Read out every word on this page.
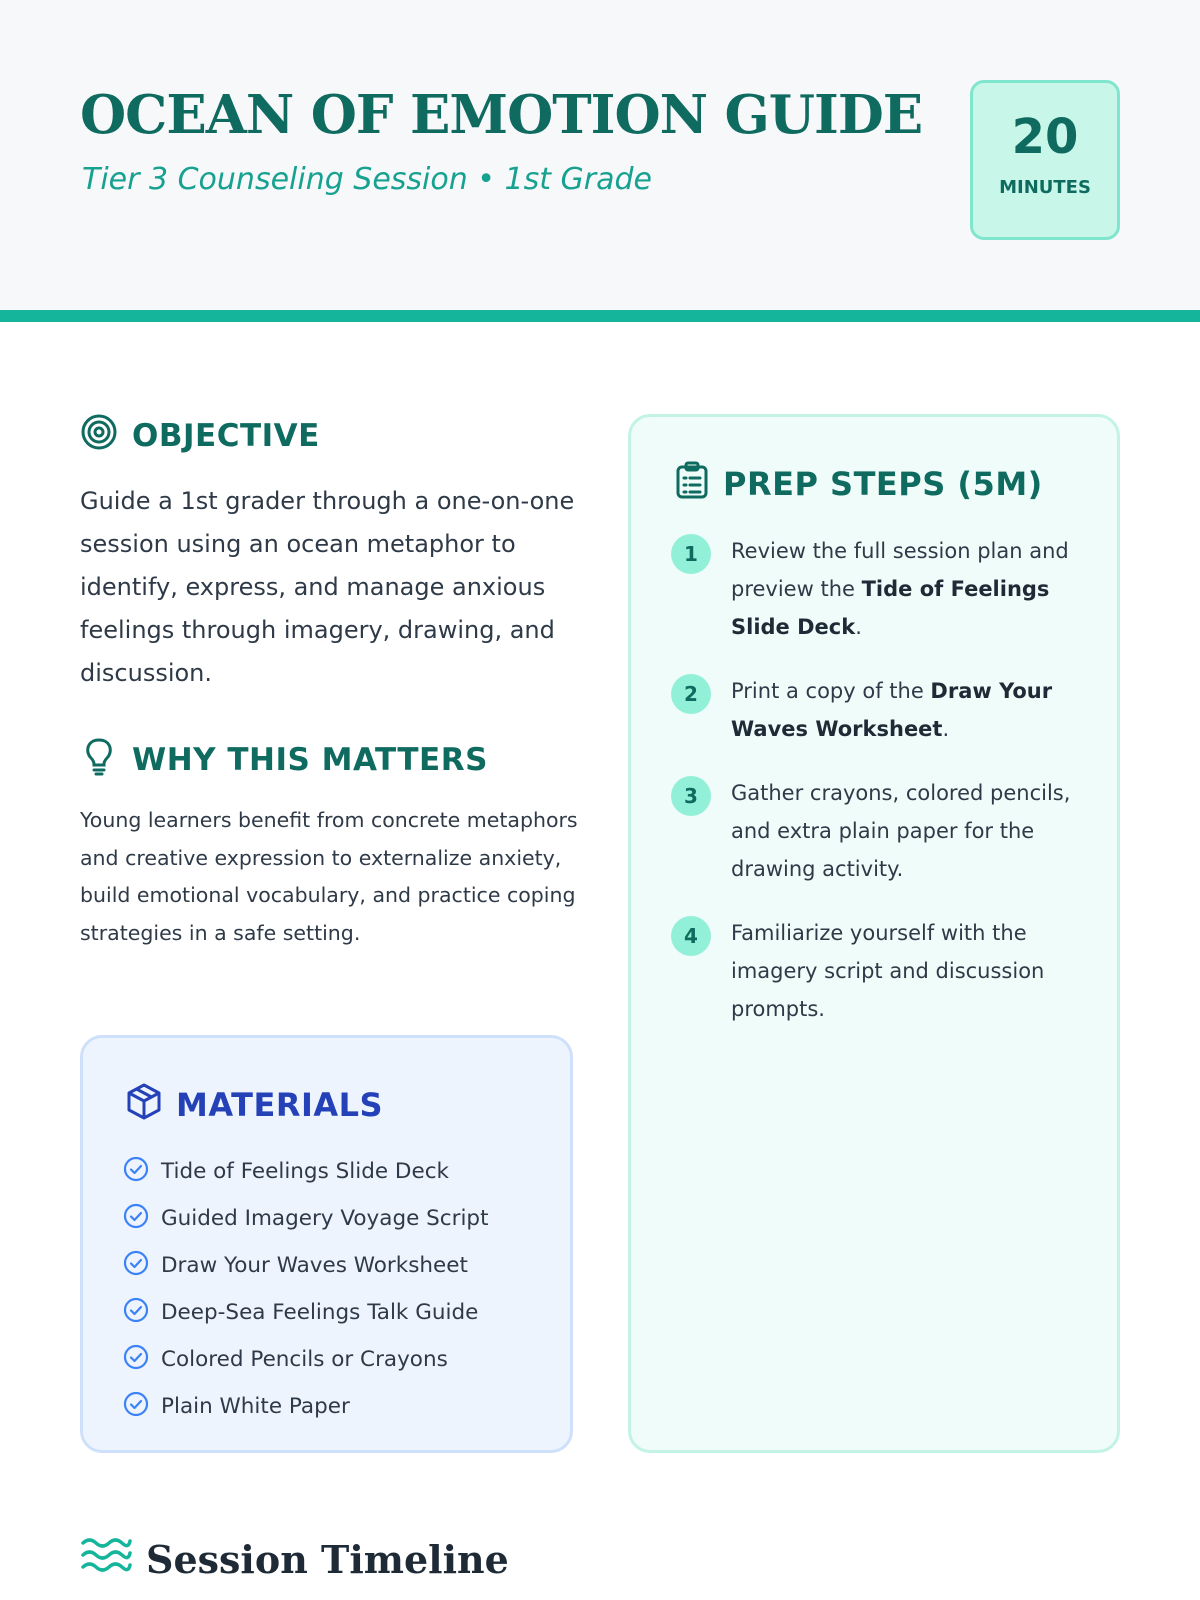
OCEAN OF EMOTION GUIDE
Tier 3 Counseling Session • 1st Grade
20
MINUTES
OBJECTIVE

Guide a 1st grader through a one-on-one session using an ocean metaphor to identify, express, and manage anxious feelings through imagery, drawing, and discussion.

WHY THIS MATTERS

Young learners benefit from concrete metaphors and creative expression to externalize anxiety, build emotional vocabulary, and practice coping strategies in a safe setting.

MATERIALS
Tide of Feelings Slide Deck
Guided Imagery Voyage Script
Draw Your Waves Worksheet
Deep-Sea Feelings Talk Guide
Colored Pencils or Crayons
Plain White Paper
PREP STEPS (5M)
1	Review the full session plan and preview the Tide of Feelings Slide Deck.
2	Print a copy of the Draw Your Waves Worksheet.
3	Gather crayons, colored pencils, and extra plain paper for the drawing activity.
4	Familiarize yourself with the imagery script and discussion prompts.
Session Timeline
